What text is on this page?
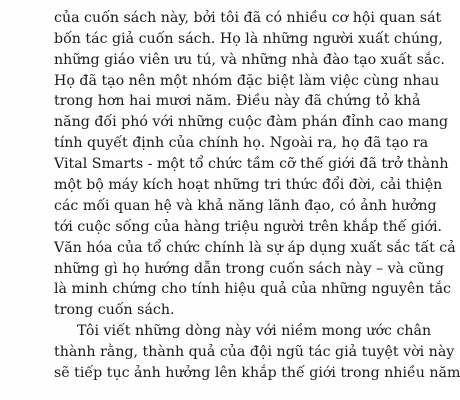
của cuốn sách này, bởi tôi đã có nhiều cơ hội quan sát
bốn tác giả cuốn sách. Họ là những người xuất chúng,
những giáo viên ưu tú, và những nhà đào tạo xuất sắc.
Họ đã tạo nên một nhóm đặc biệt làm việc cùng nhau
trong hơn hai mươi năm. Điều này đã chứng tỏ khả
năng đối phó với những cuộc đàm phán đỉnh cao mang
tính quyết định của chính họ. Ngoài ra, họ đã tạo ra
Vital Smarts - một tổ chức tầm cỡ thế giới đã trở thành
một bộ máy kích hoạt những tri thức đổi đời, cải thiện
các mối quan hệ và khả năng lãnh đạo, có ảnh hưởng
tới cuộc sống của hàng triệu người trên khắp thế giới.
Văn hóa của tổ chức chính là sự áp dụng xuất sắc tất cả
những gì họ hướng dẫn trong cuốn sách này – và cũng
là minh chứng cho tính hiệu quả của những nguyên tắc
trong cuốn sách.
Tôi viết những dòng này với niềm mong ước chân
thành rằng, thành quả của đội ngũ tác giả tuyệt vời này
sẽ tiếp tục ảnh hưởng lên khắp thế giới trong nhiều năm
